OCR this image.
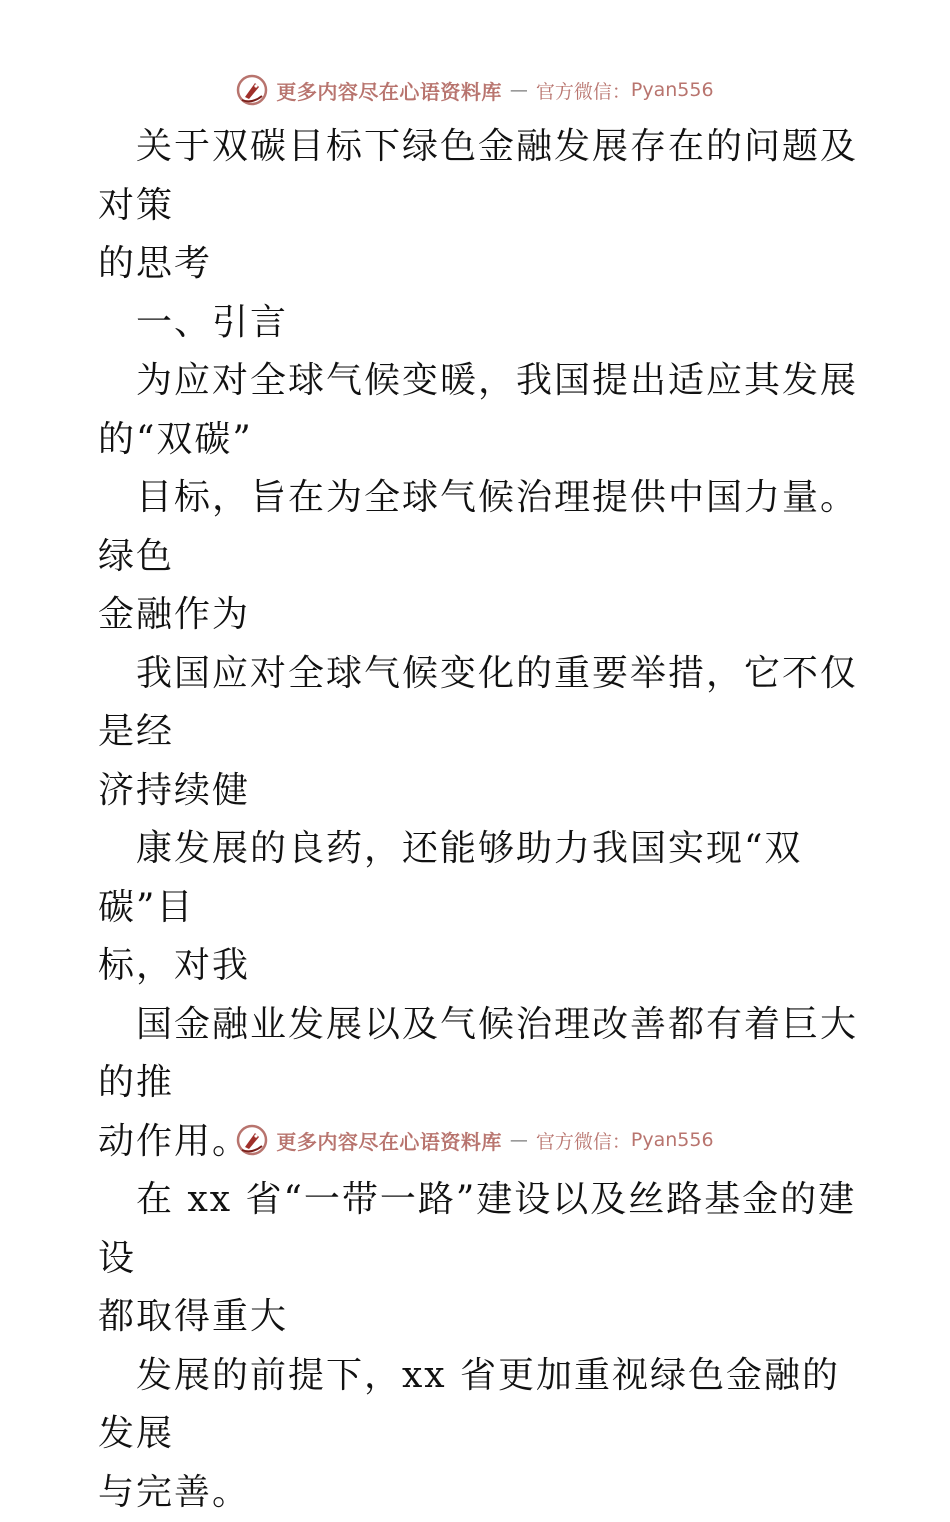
更多内容尽在心语资料库 — 官方微信： Pyan556

关于双碳目标下绿色金融发展存在的问题及对策
的思考

一、引言

为应对全球气候变暖，我国提出适应其发展
的“双碳”

目标，旨在为全球气候治理提供中国力量。绿色
金融作为

我国应对全球气候变化的重要举措，它不仅是经
济持续健

康发展的良药，还能够助力我国实现“双碳”目
标，对我

国金融业发展以及气候治理改善都有着巨大的推
动作用。

在 xx 省“一带一路”建设以及丝路基金的建设
都取得重大

发展的前提下，xx 省更加重视绿色金融的发展
与完善。

更多内容尽在心语资料库 — 官方微信： Pyan556
